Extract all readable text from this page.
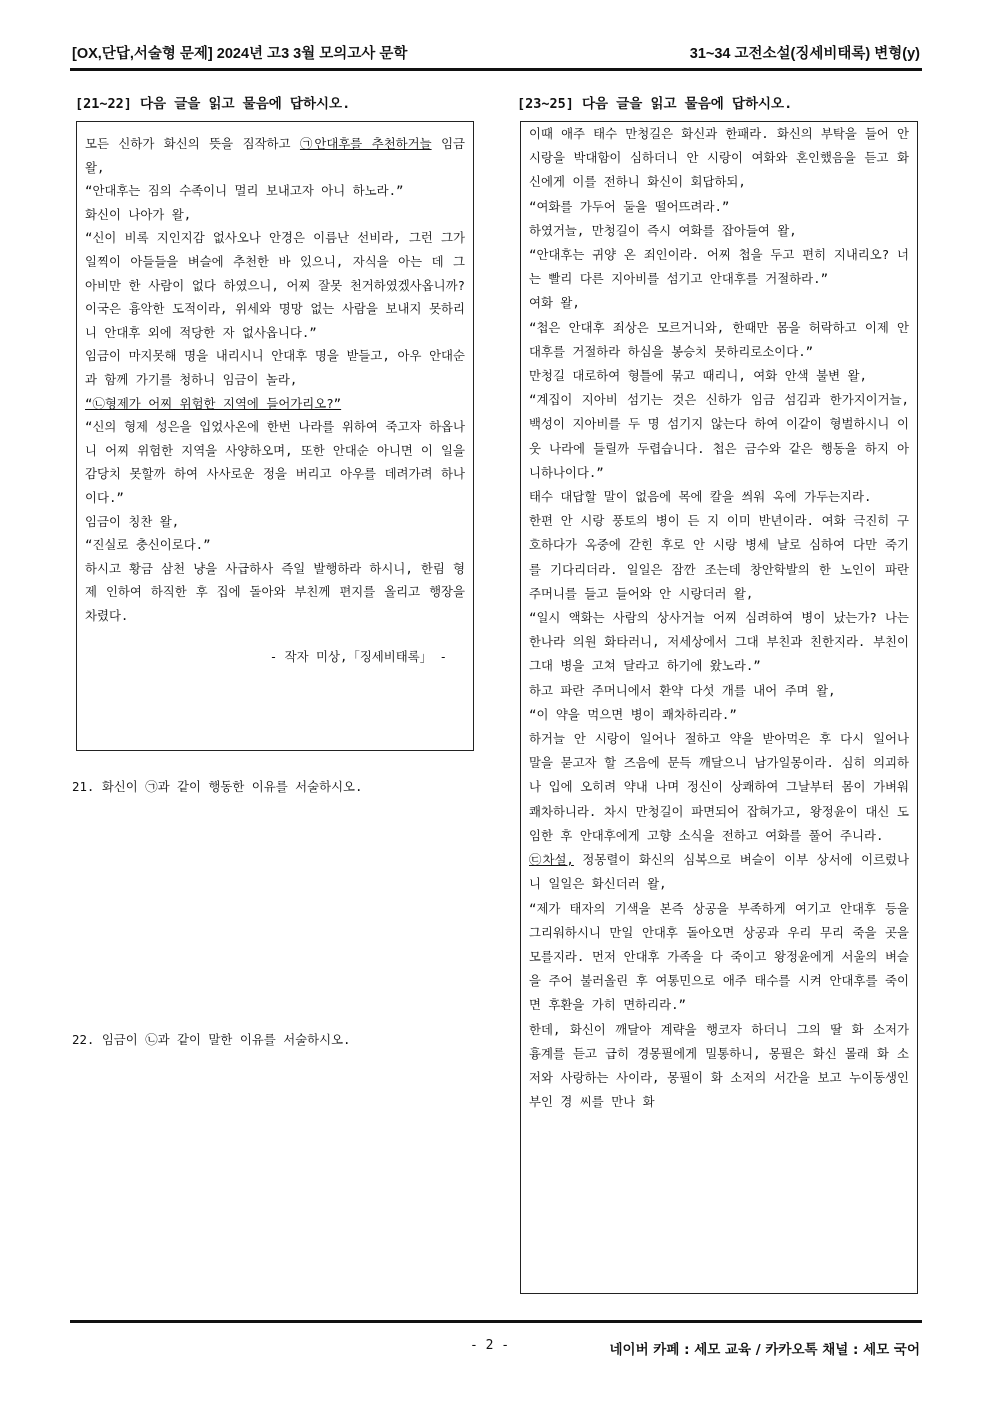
[OX,단답,서술형 문제] 2024년 고3 3월 모의고사 문학	31~34 고전소설(징세비태록) 변형(y)
[21~22] 다음 글을 읽고 물음에 답하시오.

모든 신하가 화신의 뜻을 짐작하고 ㉠안대후를 추천하거늘 임금 왈,

“안대후는 짐의 수족이니 멀리 보내고자 아니 하노라.”

화신이 나아가 왈,

“신이 비록 지인지감 없사오나 안경은 이름난 선비라, 그런 그가 일찍이 아들들을 벼슬에 추천한 바 있으니, 자식을 아는 데 그 아비만 한 사람이 없다 하였으니, 어찌 잘못 천거하였겠사옵니까? 이국은 흉악한 도적이라, 위세와 명망 없는 사람을 보내지 못하리니 안대후 외에 적당한 자 없사옵니다.”

임금이 마지못해 명을 내리시니 안대후 명을 받들고, 아우 안대순과 함께 가기를 청하니 임금이 놀라,

“㉡형제가 어찌 위험한 지역에 들어가리오?”

“신의 형제 성은을 입었사온에 한번 나라를 위하여 죽고자 하옵나니 어찌 위험한 지역을 사양하오며, 또한 안대순 아니면 이 일을 감당치 못할까 하여 사사로운 정을 버리고 아우를 데려가려 하나이다.”

임금이 칭찬 왈,

“진실로 충신이로다.”

하시고 황금 삼천 냥을 사급하사 즉일 발행하라 하시니, 한림 형제 인하여 하직한 후 집에 돌아와 부친께 편지를 올리고 행장을 차렸다.

- 작자 미상,「징세비태록」 -

21. 화신이 ㉠과 같이 행동한 이유를 서술하시오.
22. 임금이 ㉡과 같이 말한 이유를 서술하시오.
[23~25] 다음 글을 읽고 물음에 답하시오.

이때 애주 태수 만청길은 화신과 한패라. 화신의 부탁을 들어 안 시랑을 박대함이 심하더니 안 시랑이 여화와 혼인했음을 듣고 화신에게 이를 전하니 화신이 회답하되,

“여화를 가두어 둘을 떨어뜨려라.”

하였거늘, 만청길이 즉시 여화를 잡아들여 왈,

“안대후는 귀양 온 죄인이라. 어찌 첩을 두고 편히 지내리오? 너는 빨리 다른 지아비를 섬기고 안대후를 거절하라.”

여화 왈,

“첩은 안대후 죄상은 모르거니와, 한때만 몸을 허락하고 이제 안대후를 거절하라 하심을 봉승치 못하리로소이다.”

만청길 대로하여 형틀에 묶고 때리니, 여화 안색 불변 왈,

“계집이 지아비 섬기는 것은 신하가 임금 섬김과 한가지이거늘, 백성이 지아비를 두 명 섬기지 않는다 하여 이같이 형벌하시니 이웃 나라에 들릴까 두렵습니다. 첩은 금수와 같은 행동을 하지 아니하나이다.”

태수 대답할 말이 없음에 목에 칼을 씌워 옥에 가두는지라.

한편 안 시랑 풍토의 병이 든 지 이미 반년이라. 여화 극진히 구호하다가 옥중에 갇힌 후로 안 시랑 병세 날로 심하여 다만 죽기를 기다리더라. 일일은 잠깐 조는데 창안학발의 한 노인이 파란 주머니를 들고 들어와 안 시랑더러 왈,

“일시 액화는 사람의 상사거늘 어찌 심려하여 병이 났는가? 나는 한나라 의원 화타러니, 저세상에서 그대 부친과 친한지라. 부친이 그대 병을 고쳐 달라고 하기에 왔노라.”

하고 파란 주머니에서 환약 다섯 개를 내어 주며 왈,

“이 약을 먹으면 병이 쾌차하리라.”

하거늘 안 시랑이 일어나 절하고 약을 받아먹은 후 다시 일어나 말을 묻고자 할 즈음에 문득 깨달으니 남가일몽이라. 심히 의괴하나 입에 오히려 약내 나며 정신이 상쾌하여 그날부터 몸이 가벼워 쾌차하니라. 차시 만청길이 파면되어 잡혀가고, 왕정윤이 대신 도임한 후 안대후에게 고향 소식을 전하고 여화를 풀어 주니라.

㉢차설, 정몽렬이 화신의 심복으로 벼슬이 이부 상서에 이르렀나니 일일은 화신더러 왈,

“제가 태자의 기색을 본즉 상공을 부족하게 여기고 안대후 등을 그리워하시니 만일 안대후 돌아오면 상공과 우리 무리 죽을 곳을 모를지라. 먼저 안대후 가족을 다 죽이고 왕정윤에게 서울의 벼슬을 주어 불러올린 후 여통민으로 애주 태수를 시켜 안대후를 죽이면 후환을 가히 면하리라.”

한데, 화신이 깨달아 계략을 행코자 하더니 그의 딸 화 소저가 흉계를 듣고 급히 경몽필에게 밀통하니, 몽필은 화신 몰래 화 소저와 사랑하는 사이라, 몽필이 화 소저의 서간을 보고 누이동생인 부인 경 씨를 만나 화

- 2 -	네이버 카페 : 세모 교육 / 카카오톡 채널 : 세모 국어
